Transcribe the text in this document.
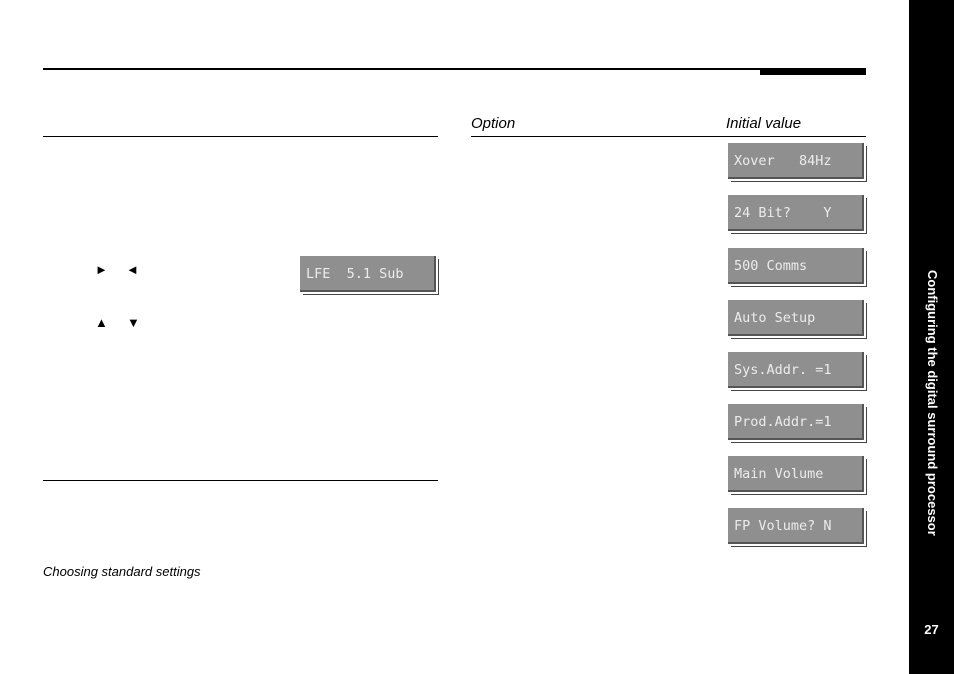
Option	Initial value
► ◄
▲ ▼
LFE  5.1 Sub
Choosing standard settings
Xover   84Hz
24 Bit?    Y
500 Comms
Auto Setup
Sys.Addr. =1
Prod.Addr.=1
Main Volume
FP Volume? N	Configuring the digital surround processor
27
